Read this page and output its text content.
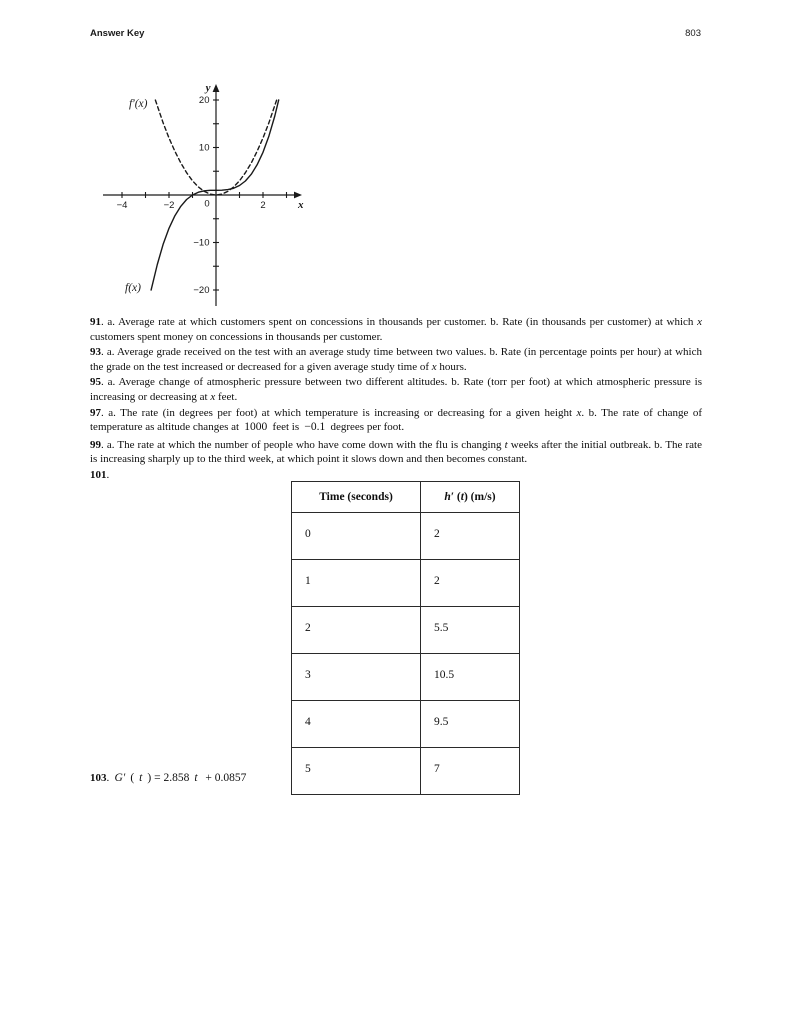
Answer Key	803
0	2
−4	−2
10
20
−10
−20
y
x
f′(x)
f(x)

91. a. Average rate at which customers spent on concessions in thousands per customer. b. Rate (in thousands per customer) at which x customers spent money on concessions in thousands per customer.

93. a. Average grade received on the test with an average study time between two values. b. Rate (in percentage points per hour) at which the grade on the test increased or decreased for a given average study time of x hours.

95. a. Average change of atmospheric pressure between two different altitudes. b. Rate (torr per foot) at which atmospheric pressure is increasing or decreasing at x feet.

97. a. The rate (in degrees per foot) at which temperature is increasing or decreasing for a given height x. b. The rate of change of temperature as altitude changes at 1000 feet is −0.1 degrees per foot.

99. a. The rate at which the number of people who have come down with the flu is changing t weeks after the initial outbreak. b. The rate is increasing sharply up to the third week, at which point it slows down and then becomes constant.

101.

Time (seconds)	h′ (t) (m/s)
0	2
1	2
2	5.5
3	10.5
4	9.5
5	7

103. G′ ( t ) = 2.858 t + 0.0857
